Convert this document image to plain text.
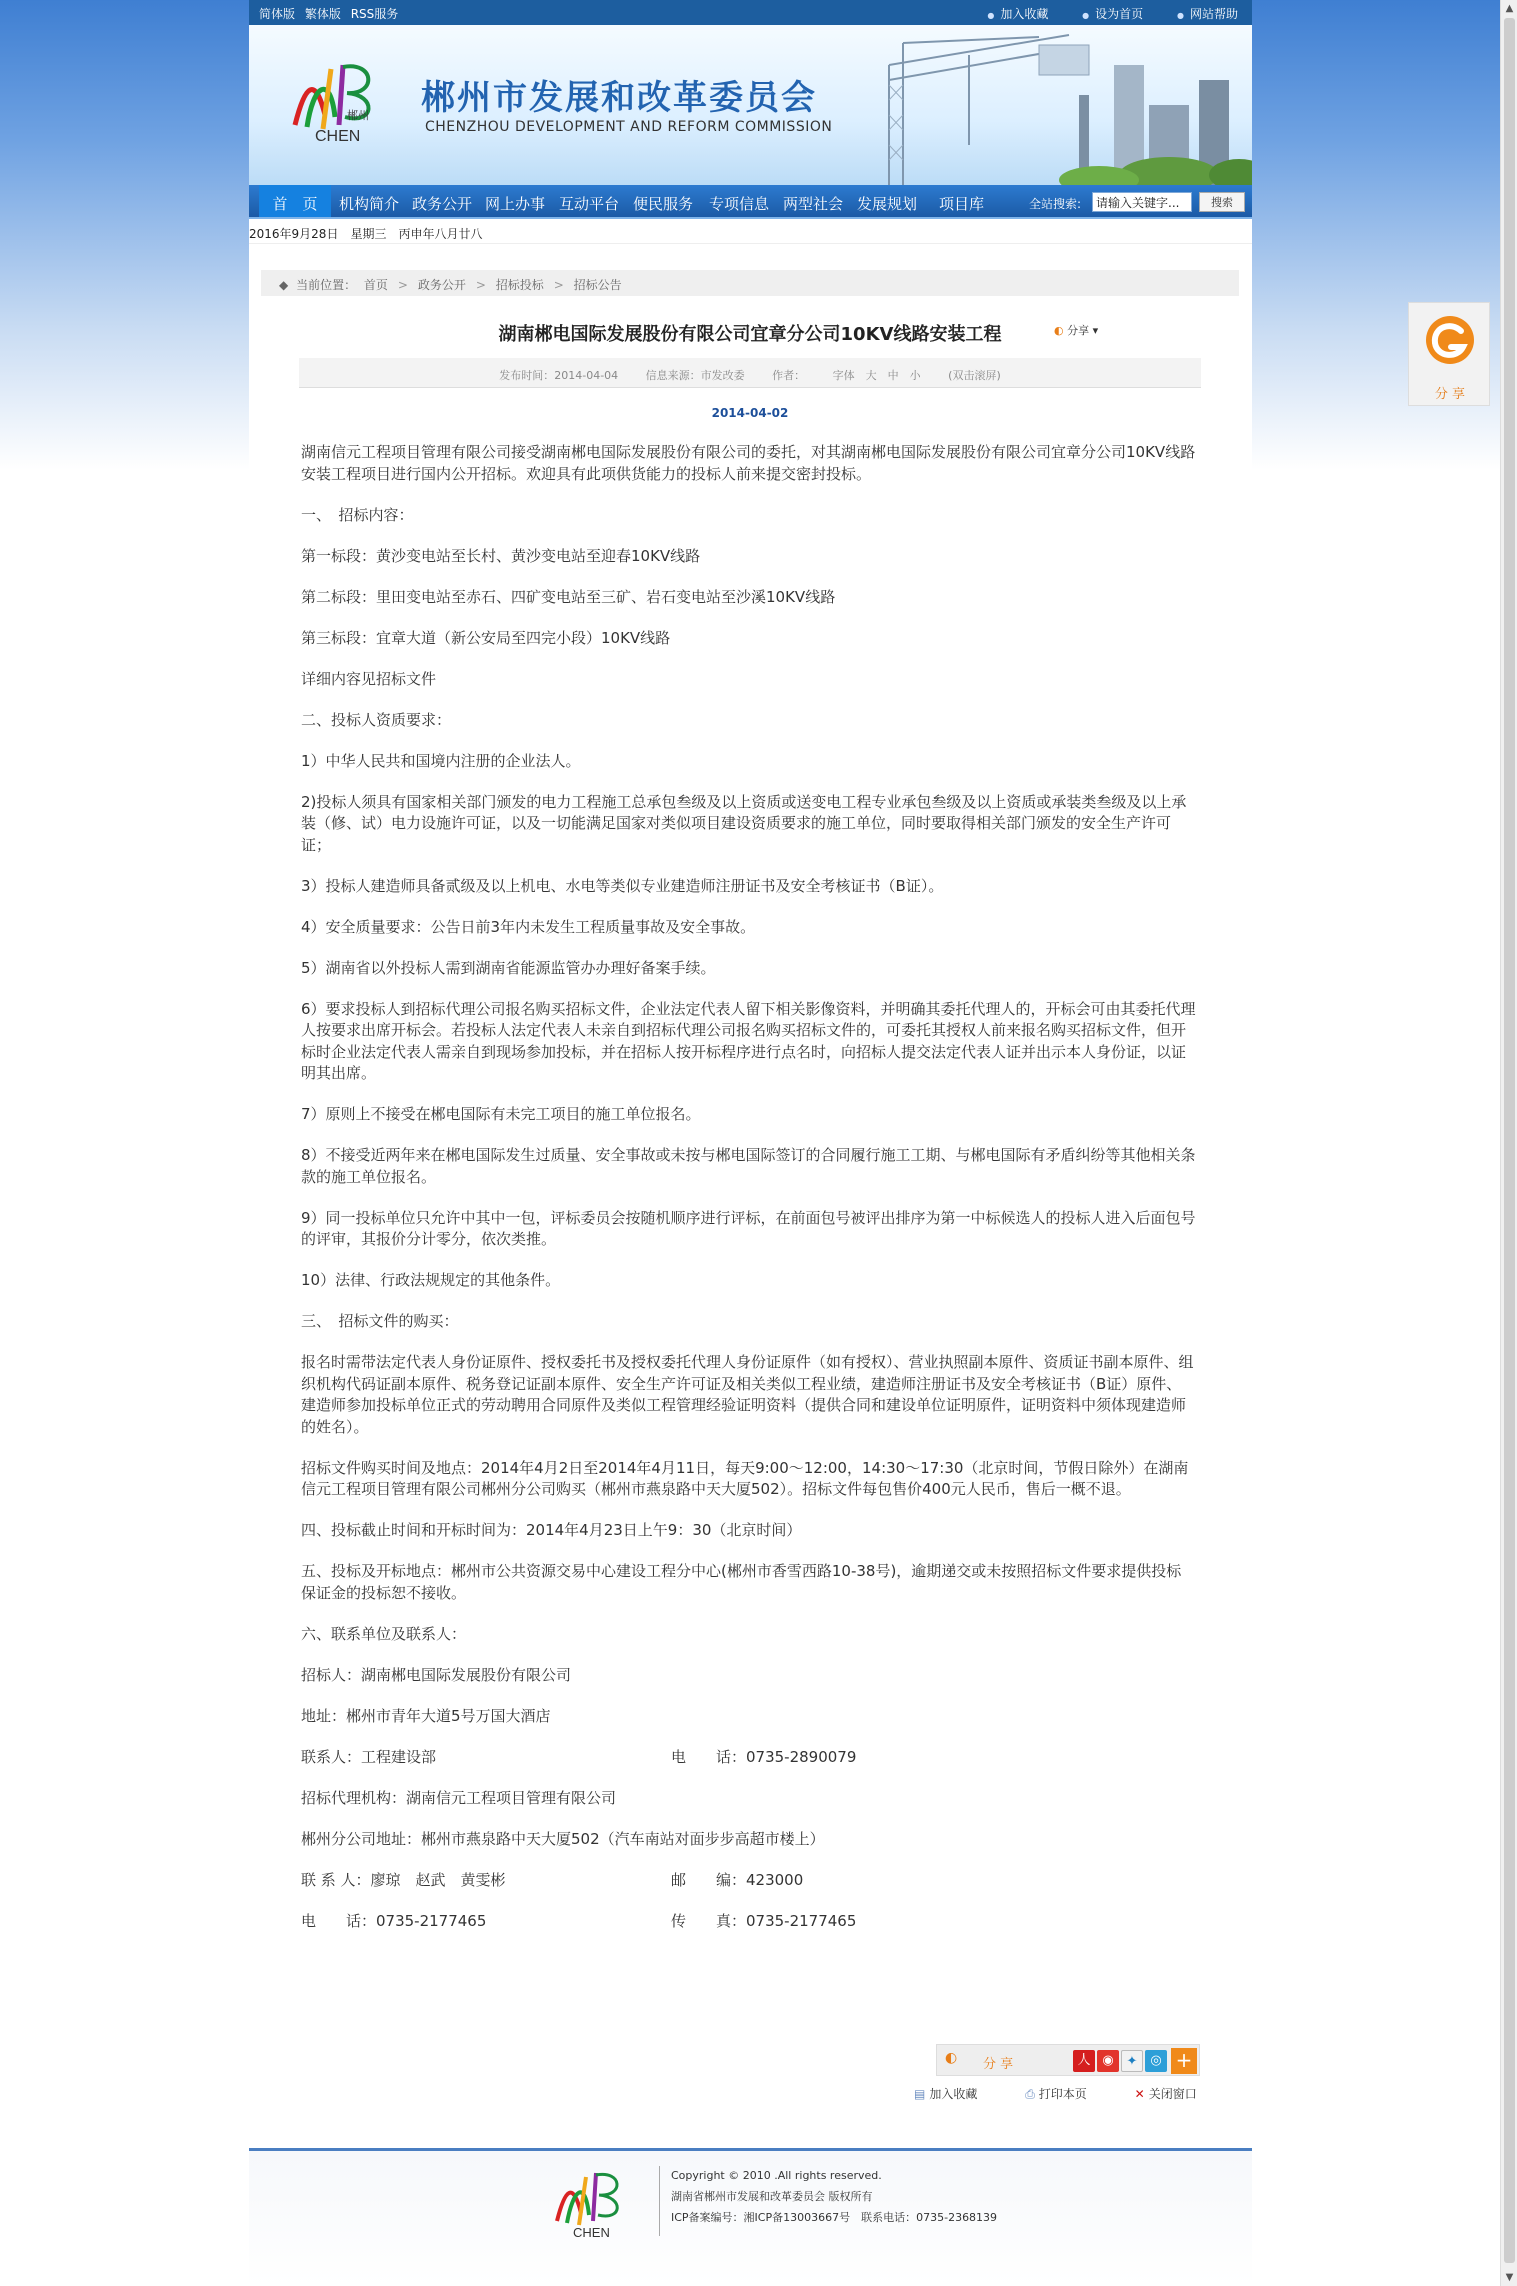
▲
▼
简体版 繁体版 RSS服务	● 加入收藏	● 设为首页	● 网站帮助
郴州
CHEN
郴州市发展和改革委员会
CHENZHOU DEVELOPMENT AND REFORM COMMISSION
首　页	机构简介 政务公开 网上办事 互动平台 便民服务 专项信息 两型社会 发展规划 项目库	全站搜索:
请输入关键字...	搜索
2016年9月28日　星期三　丙申年八月廿八
◆ 当前位置： 首页 > 政务公开 > 招标投标 > 招标公告
湖南郴电国际发展股份有限公司宜章分公司10KV线路安装工程	◐ 分享 ▾
发布时间：2014-04-04	信息来源：市发改委	作者：	字体　大　中　小	(双击滚屏)
2014-04-02

湖南信元工程项目管理有限公司接受湖南郴电国际发展股份有限公司的委托，对其湖南郴电国际发展股份有限公司宜章分公司10KV线路安装工程项目进行国内公开招标。欢迎具有此项供货能力的投标人前来提交密封投标。

一、　招标内容：

第一标段：黄沙变电站至长村、黄沙变电站至迎春10KV线路

第二标段：里田变电站至赤石、四矿变电站至三矿、岩石变电站至沙溪10KV线路

第三标段：宜章大道（新公安局至四完小段）10KV线路

详细内容见招标文件

二、投标人资质要求：

1）中华人民共和国境内注册的企业法人。

2)投标人须具有国家相关部门颁发的电力工程施工总承包叁级及以上资质或送变电工程专业承包叁级及以上资质或承装类叁级及以上承装（修、试）电力设施许可证，以及一切能满足国家对类似项目建设资质要求的施工单位，同时要取得相关部门颁发的安全生产许可证；

3）投标人建造师具备贰级及以上机电、水电等类似专业建造师注册证书及安全考核证书（B证）。

4）安全质量要求：公告日前3年内未发生工程质量事故及安全事故。

5）湖南省以外投标人需到湖南省能源监管办办理好备案手续。

6）要求投标人到招标代理公司报名购买招标文件，企业法定代表人留下相关影像资料，并明确其委托代理人的，开标会可由其委托代理人按要求出席开标会。若投标人法定代表人未亲自到招标代理公司报名购买招标文件的，可委托其授权人前来报名购买招标文件，但开标时企业法定代表人需亲自到现场参加投标，并在招标人按开标程序进行点名时，向招标人提交法定代表人证并出示本人身份证，以证明其出席。

7）原则上不接受在郴电国际有未完工项目的施工单位报名。

8）不接受近两年来在郴电国际发生过质量、安全事故或未按与郴电国际签订的合同履行施工工期、与郴电国际有矛盾纠纷等其他相关条款的施工单位报名。

9）同一投标单位只允许中其中一包，评标委员会按随机顺序进行评标，在前面包号被评出排序为第一中标候选人的投标人进入后面包号的评审，其报价分计零分，依次类推。

10）法律、行政法规规定的其他条件。

三、　招标文件的购买：

报名时需带法定代表人身份证原件、授权委托书及授权委托代理人身份证原件（如有授权）、营业执照副本原件、资质证书副本原件、组织机构代码证副本原件、税务登记证副本原件、安全生产许可证及相关类似工程业绩，建造师注册证书及安全考核证书（B证）原件、建造师参加投标单位正式的劳动聘用合同原件及类似工程管理经验证明资料（提供合同和建设单位证明原件，证明资料中须体现建造师的姓名）。

招标文件购买时间及地点：2014年4月2日至2014年4月11日，每天9:00～12:00，14:30～17:30（北京时间，节假日除外）在湖南信元工程项目管理有限公司郴州分公司购买（郴州市燕泉路中天大厦502）。招标文件每包售价400元人民币，售后一概不退。

四、投标截止时间和开标时间为：2014年4月23日上午9：30（北京时间）

五、投标及开标地点：郴州市公共资源交易中心建设工程分中心(郴州市香雪西路10-38号)，逾期递交或未按照招标文件要求提供投标保证金的投标恕不接收。

六、联系单位及联系人：

招标人：湖南郴电国际发展股份有限公司

地址：郴州市青年大道5号万国大酒店

联系人：工程建设部	电　　话：0735-2890079

招标代理机构：湖南信元工程项目管理有限公司

郴州分公司地址：郴州市燕泉路中天大厦502（汽车南站对面步步高超市楼上）

联 系 人：廖琼　赵武　黄雯彬	邮　　编：423000

电　　话：0735-2177465	传　　真：0735-2177465

◐ 分 享	人 ◉ ✦ ◎ +
▤ 加入收藏	⎙ 打印本页	✕ 关闭窗口
CHEN
Copyright © 2010 .All rights reserved.
湖南省郴州市发展和改革委员会 版权所有
ICP备案编号：湘ICP备13003667号　联系电话：0735-2368139
分 享
